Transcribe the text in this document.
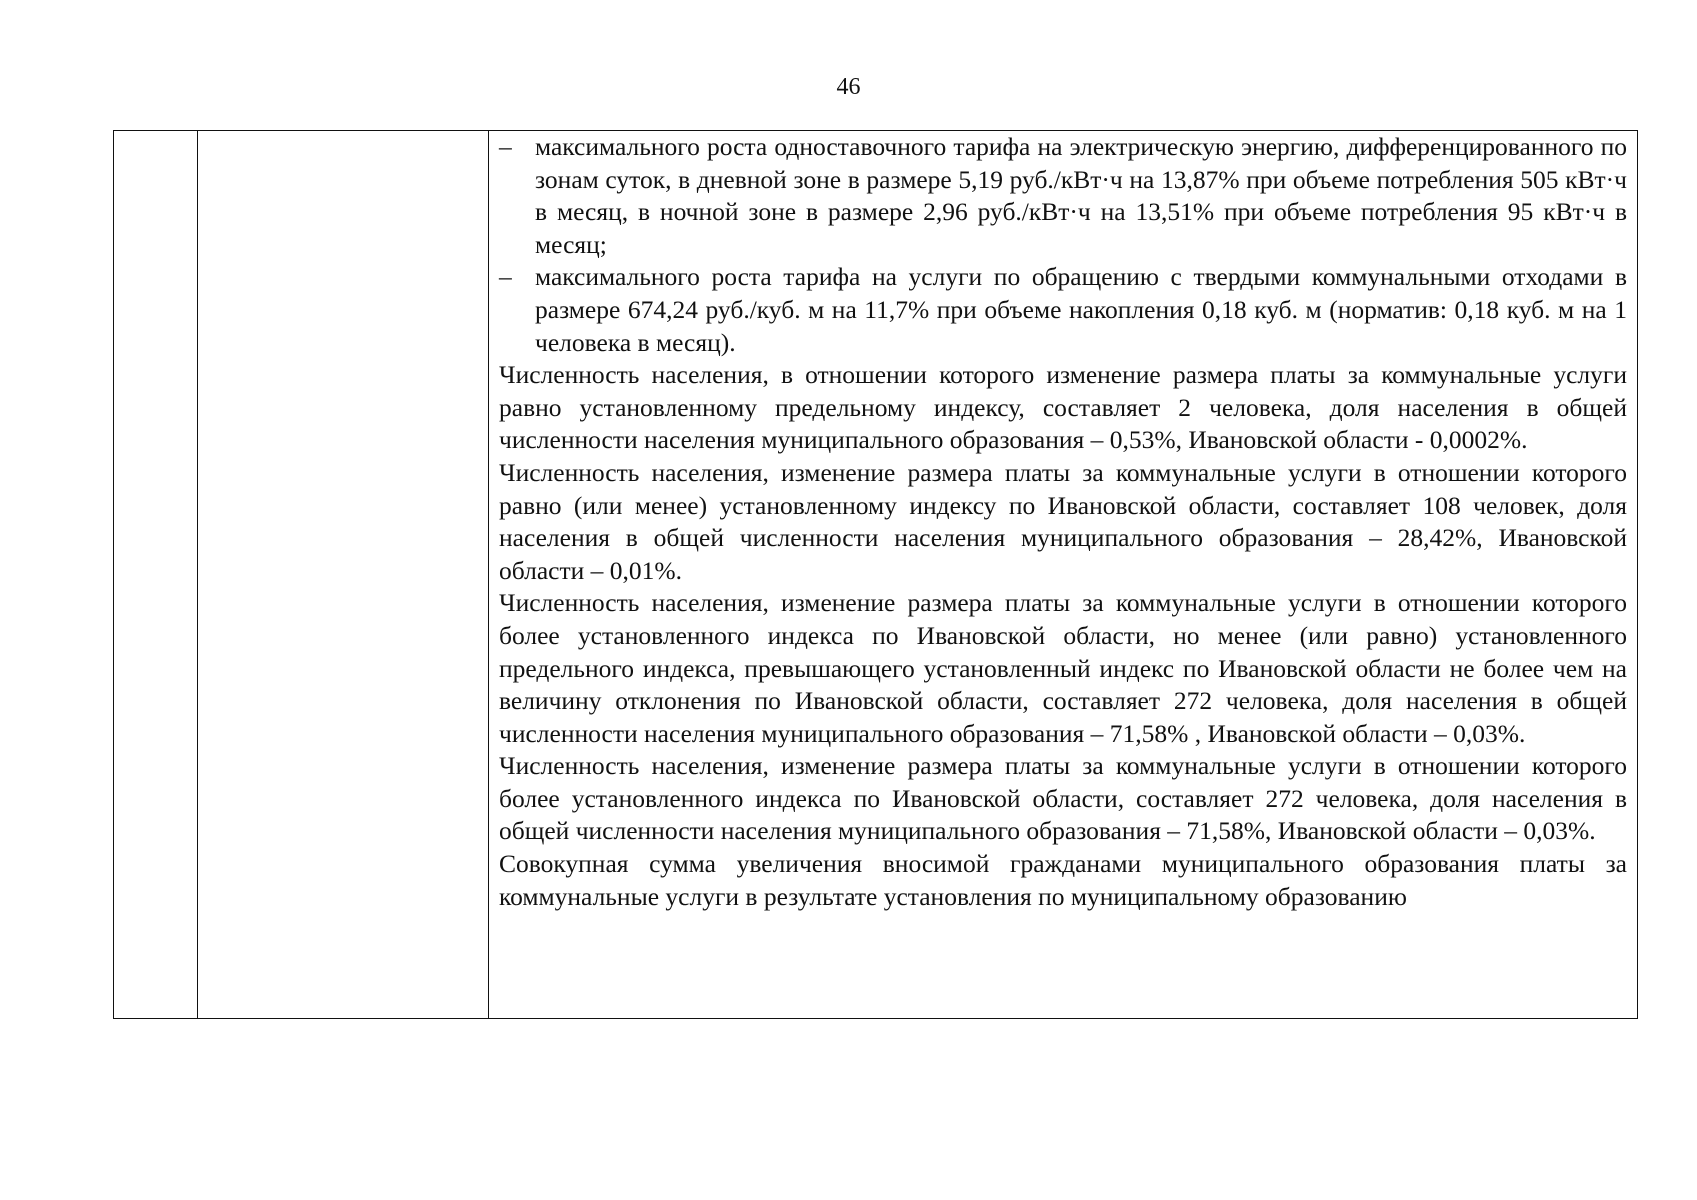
46

– максимального роста одноставочного тарифа на электрическую энергию, дифференцированного по зонам суток, в дневной зоне в размере 5,19 руб./кВт·ч на 13,87% при объеме потребления 505 кВт·ч в месяц, в ночной зоне в размере 2,96 руб./кВт·ч на 13,51% при объеме потребления 95 кВт·ч в месяц;
– максимального роста тарифа на услуги по обращению с твердыми коммунальными отходами в размере 674,24 руб./куб. м на 11,7% при объеме накопления 0,18 куб. м (норматив: 0,18 куб. м на 1 человека в месяц).

Численность населения, в отношении которого изменение размера платы за коммунальные услуги равно установленному предельному индексу, составляет 2 человека, доля населения в общей численности населения муниципального образования – 0,53%, Ивановской области - 0,0002%.

Численность населения, изменение размера платы за коммунальные услуги в отношении которого равно (или менее) установленному индексу по Ивановской области, составляет 108 человек, доля населения в общей численности населения муниципального образования – 28,42%, Ивановской области – 0,01%.

Численность населения, изменение размера платы за коммунальные услуги в отношении которого более установленного индекса по Ивановской области, но менее (или равно) установленного предельного индекса, превышающего установленный индекс по Ивановской области не более чем на величину отклонения по Ивановской области, составляет 272 человека, доля населения в общей численности населения муниципального образования – 71,58% , Ивановской области – 0,03%.

Численность населения, изменение размера платы за коммунальные услуги в отношении которого более установленного индекса по Ивановской области, составляет 272 человека, доля населения в общей численности населения муниципального образования – 71,58%, Ивановской области – 0,03%.

Совокупная сумма увеличения вносимой гражданами муниципального образования платы за коммунальные услуги в результате установления по муниципальному образованию
